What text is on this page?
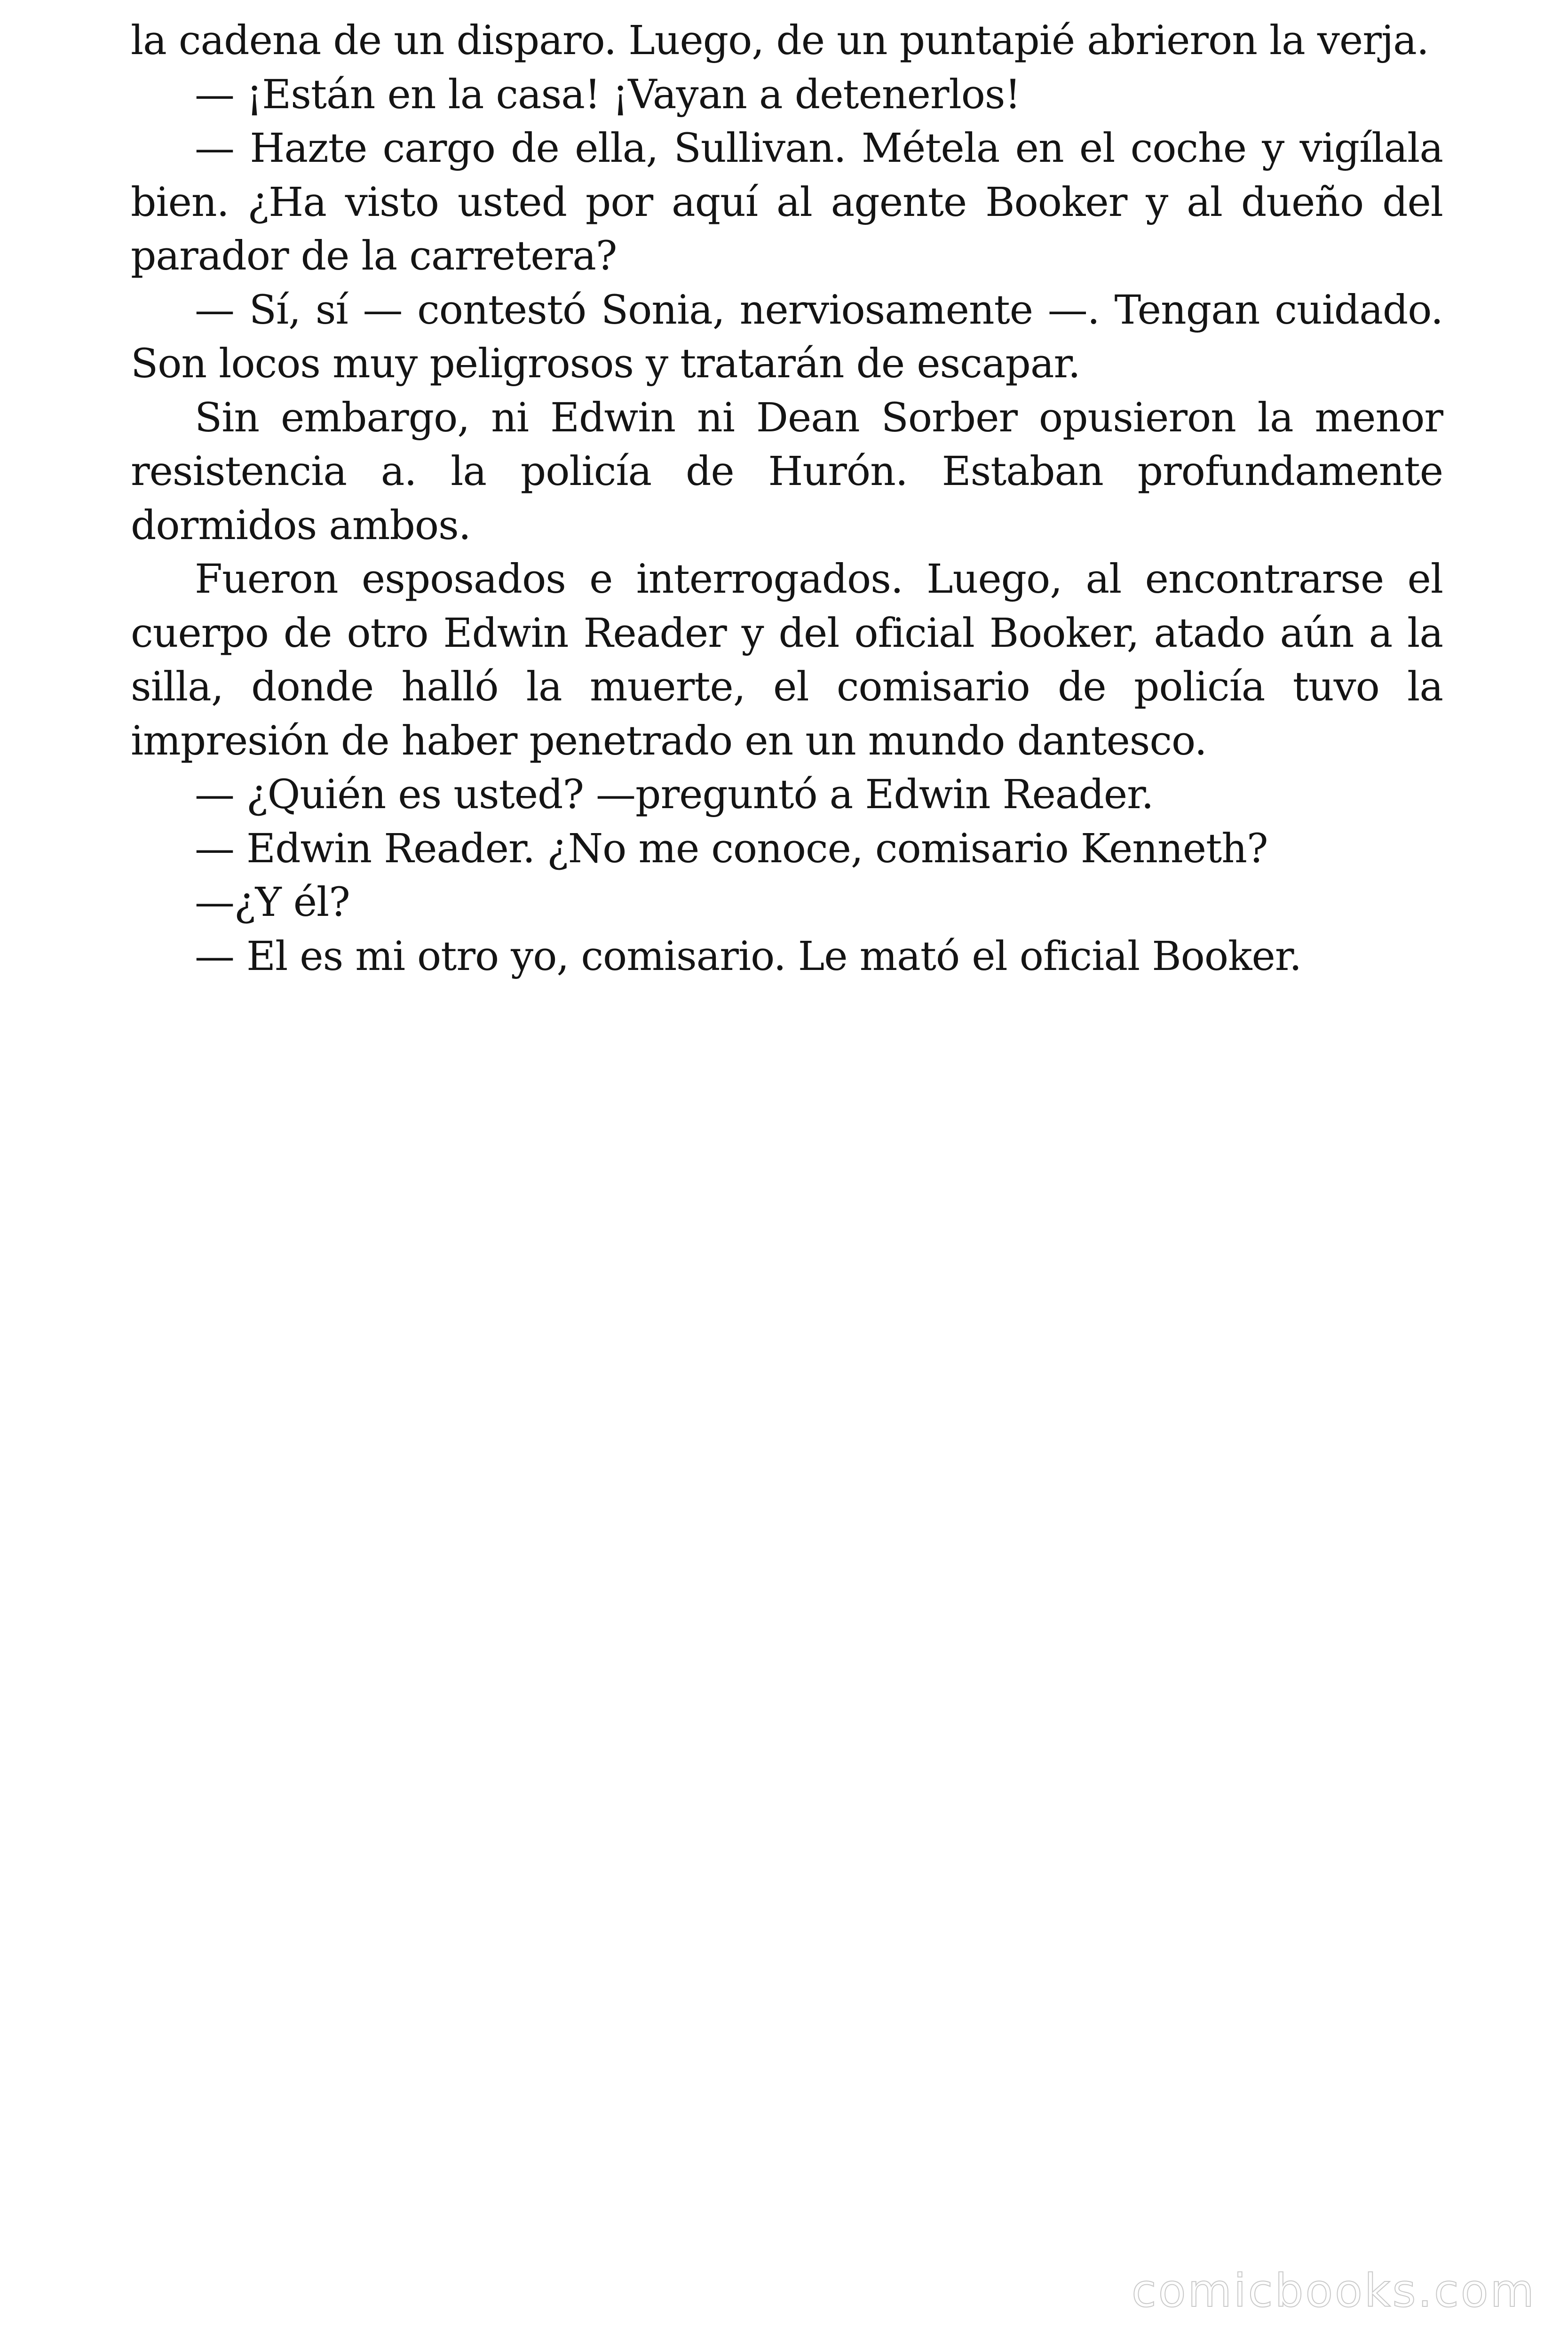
la cadena de un disparo. Luego, de un puntapié abrieron la verja.

— ¡Están en la casa! ¡Vayan a detenerlos!

— Hazte cargo de ella, Sullivan. Métela en el coche y vigílala bien. ¿Ha visto usted por aquí al agente Booker y al dueño del parador de la carretera?

— Sí, sí — contestó Sonia, nerviosamente —. Tengan cuidado. Son locos muy peligrosos y tratarán de escapar.

Sin embargo, ni Edwin ni Dean Sorber opusieron la menor resistencia a. la policía de Hurón. Estaban profundamente dormidos ambos.

Fueron esposados e interrogados. Luego, al encontrarse el cuerpo de otro Edwin Reader y del oficial Booker, atado aún a la silla, donde halló la muerte, el comisario de policía tuvo la impresión de haber penetrado en un mundo dantesco.

— ¿Quién es usted? —preguntó a Edwin Reader.

— Edwin Reader. ¿No me conoce, comisario Kenneth?

—¿Y él?

— El es mi otro yo, comisario. Le mató el oficial Booker.

comicbooks.com
